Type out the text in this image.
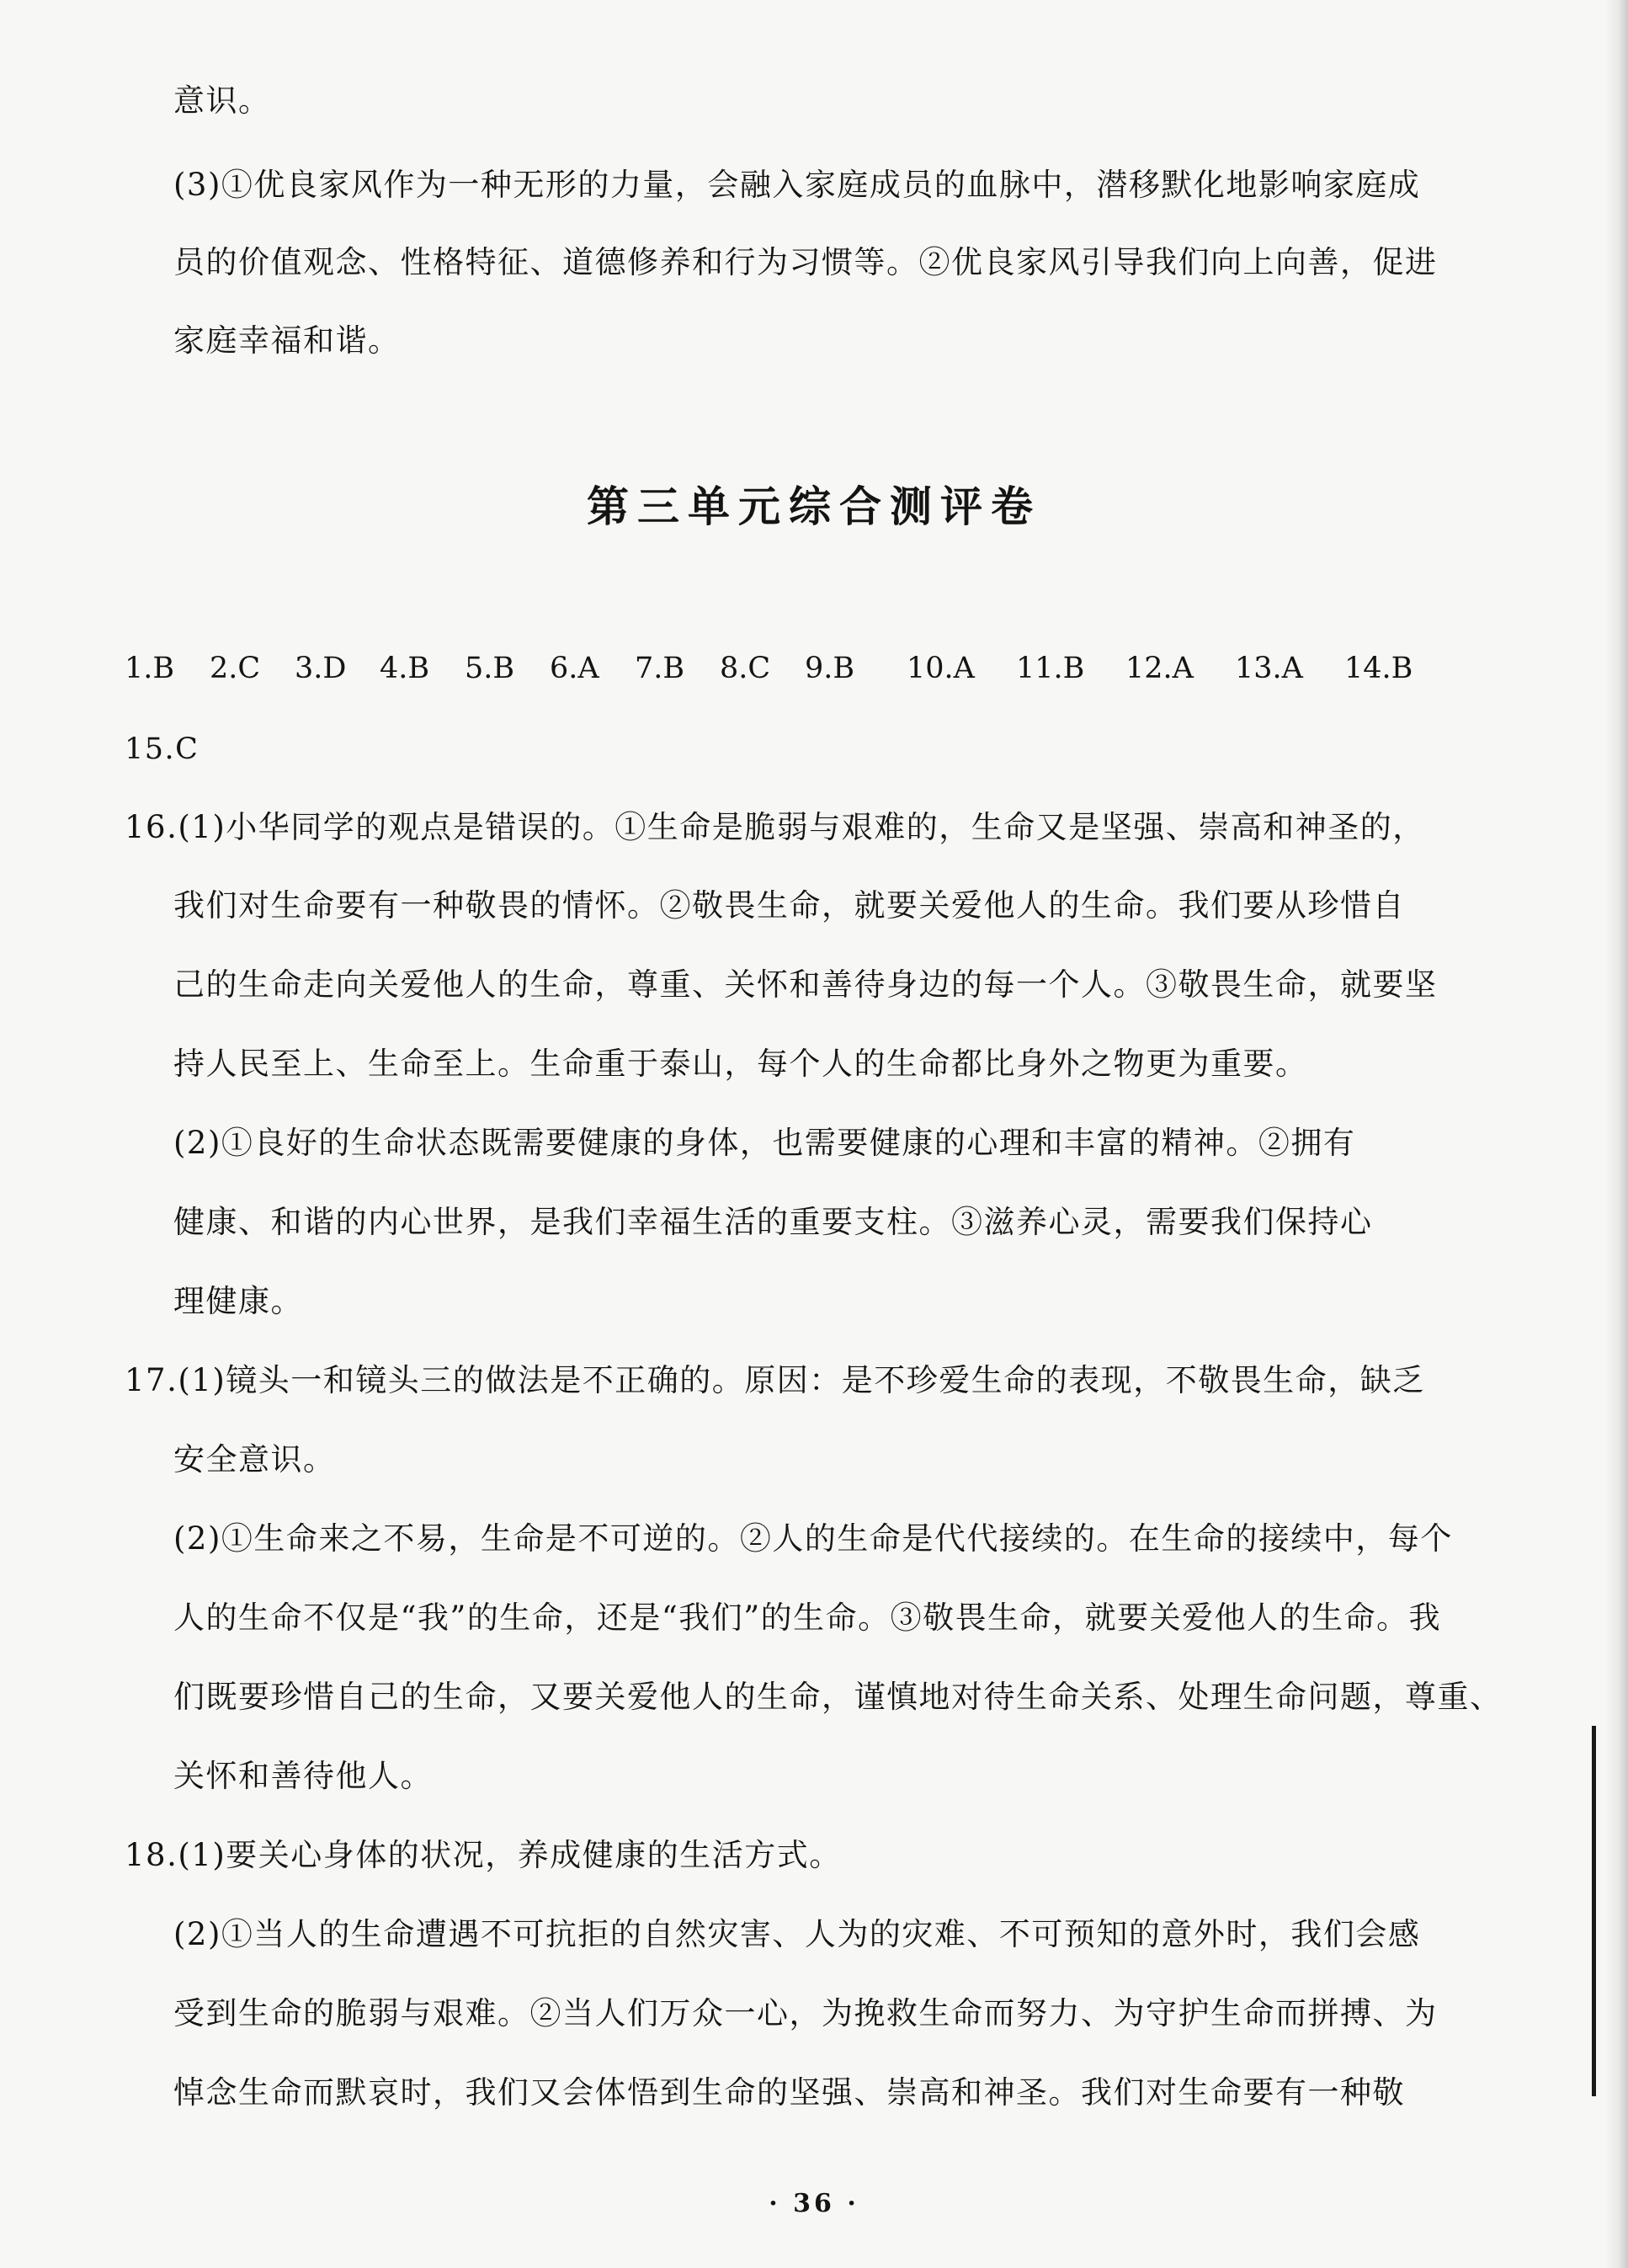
意识。
(3)①优良家风作为一种无形的力量，会融入家庭成员的血脉中，潜移默化地影响家庭成
员的价值观念、性格特征、道德修养和行为习惯等。②优良家风引导我们向上向善，促进
家庭幸福和谐。
第三单元综合测评卷
1.B	2.C	3.D	4.B	5.B	6.A	7.B	8.C	9.B	10.A	11.B	12.A	13.A	14.B
15.C
16.(1)小华同学的观点是错误的。①生命是脆弱与艰难的，生命又是坚强、崇高和神圣的，
我们对生命要有一种敬畏的情怀。②敬畏生命，就要关爱他人的生命。我们要从珍惜自
己的生命走向关爱他人的生命，尊重、关怀和善待身边的每一个人。③敬畏生命，就要坚
持人民至上、生命至上。生命重于泰山，每个人的生命都比身外之物更为重要。
(2)①良好的生命状态既需要健康的身体，也需要健康的心理和丰富的精神。②拥有
健康、和谐的内心世界，是我们幸福生活的重要支柱。③滋养心灵，需要我们保持心
理健康。
17.(1)镜头一和镜头三的做法是不正确的。原因：是不珍爱生命的表现，不敬畏生命，缺乏
安全意识。
(2)①生命来之不易，生命是不可逆的。②人的生命是代代接续的。在生命的接续中，每个
人的生命不仅是“我”的生命，还是“我们”的生命。③敬畏生命，就要关爱他人的生命。我
们既要珍惜自己的生命，又要关爱他人的生命，谨慎地对待生命关系、处理生命问题，尊重、
关怀和善待他人。
18.(1)要关心身体的状况，养成健康的生活方式。
(2)①当人的生命遭遇不可抗拒的自然灾害、人为的灾难、不可预知的意外时，我们会感
受到生命的脆弱与艰难。②当人们万众一心，为挽救生命而努力、为守护生命而拼搏、为
悼念生命而默哀时，我们又会体悟到生命的坚强、崇高和神圣。我们对生命要有一种敬
· 36 ·
